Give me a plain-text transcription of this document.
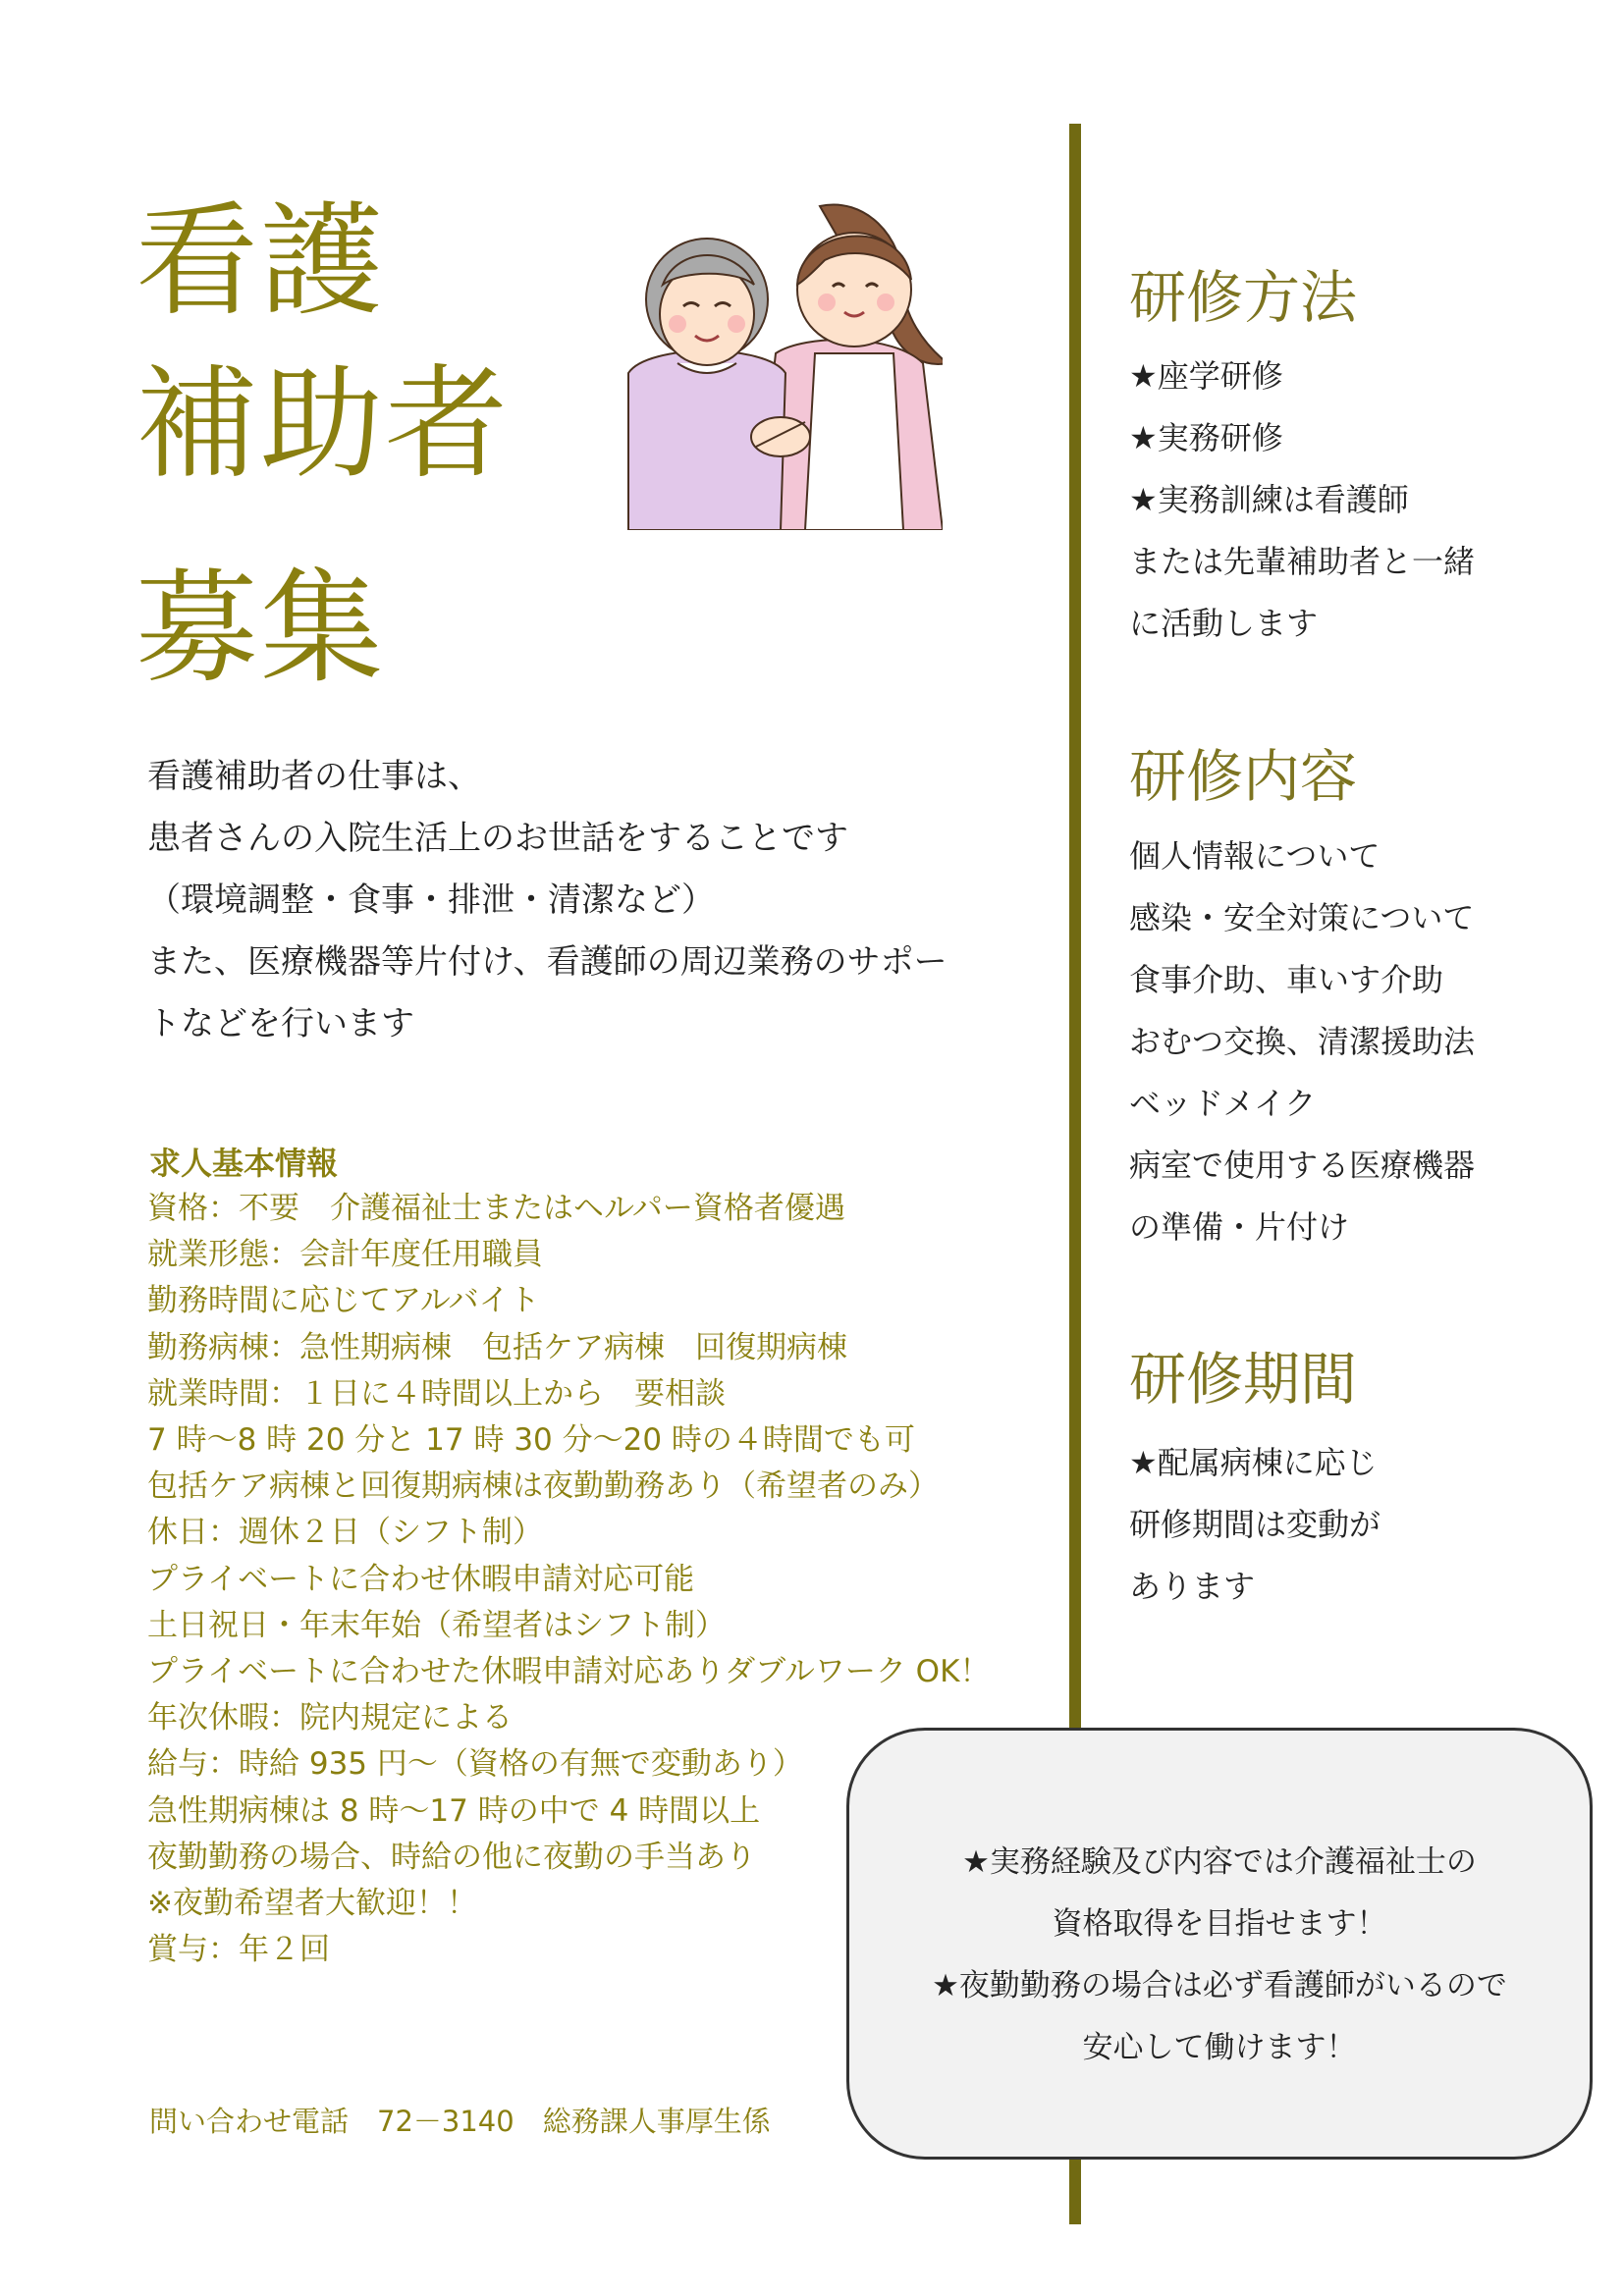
看護
補助者
募集
看護補助者の仕事は、
患者さんの入院生活上のお世話をすることです
（環境調整・食事・排泄・清潔など）
また、医療機器等片付け、看護師の周辺業務のサポー
トなどを行います
求人基本情報
資格：不要　介護福祉士またはヘルパー資格者優遇
就業形態：会計年度任用職員
勤務時間に応じてアルバイト
勤務病棟：急性期病棟　包括ケア病棟　回復期病棟
就業時間：１日に４時間以上から　要相談
7 時～8 時 20 分と 17 時 30 分～20 時の４時間でも可
包括ケア病棟と回復期病棟は夜勤勤務あり（希望者のみ）
休日：週休２日（シフト制）
プライベートに合わせ休暇申請対応可能
土日祝日・年末年始（希望者はシフト制）
プライベートに合わせた休暇申請対応ありダブルワーク OK！
年次休暇：院内規定による
給与：時給 935 円～（資格の有無で変動あり）
急性期病棟は 8 時～17 時の中で 4 時間以上
夜勤勤務の場合、時給の他に夜勤の手当あり
※夜勤希望者大歓迎！！
賞与：年２回
問い合わせ電話　72－3140　総務課人事厚生係
研修方法
★座学研修
★実務研修
★実務訓練は看護師
または先輩補助者と一緒
に活動します
研修内容
個人情報について
感染・安全対策について
食事介助、車いす介助
おむつ交換、清潔援助法
ベッドメイク
病室で使用する医療機器
の準備・片付け
研修期間
★配属病棟に応じ
研修期間は変動が
あります
★実務経験及び内容では介護福祉士の
資格取得を目指せます！
★夜勤勤務の場合は必ず看護師がいるので
安心して働けます！
